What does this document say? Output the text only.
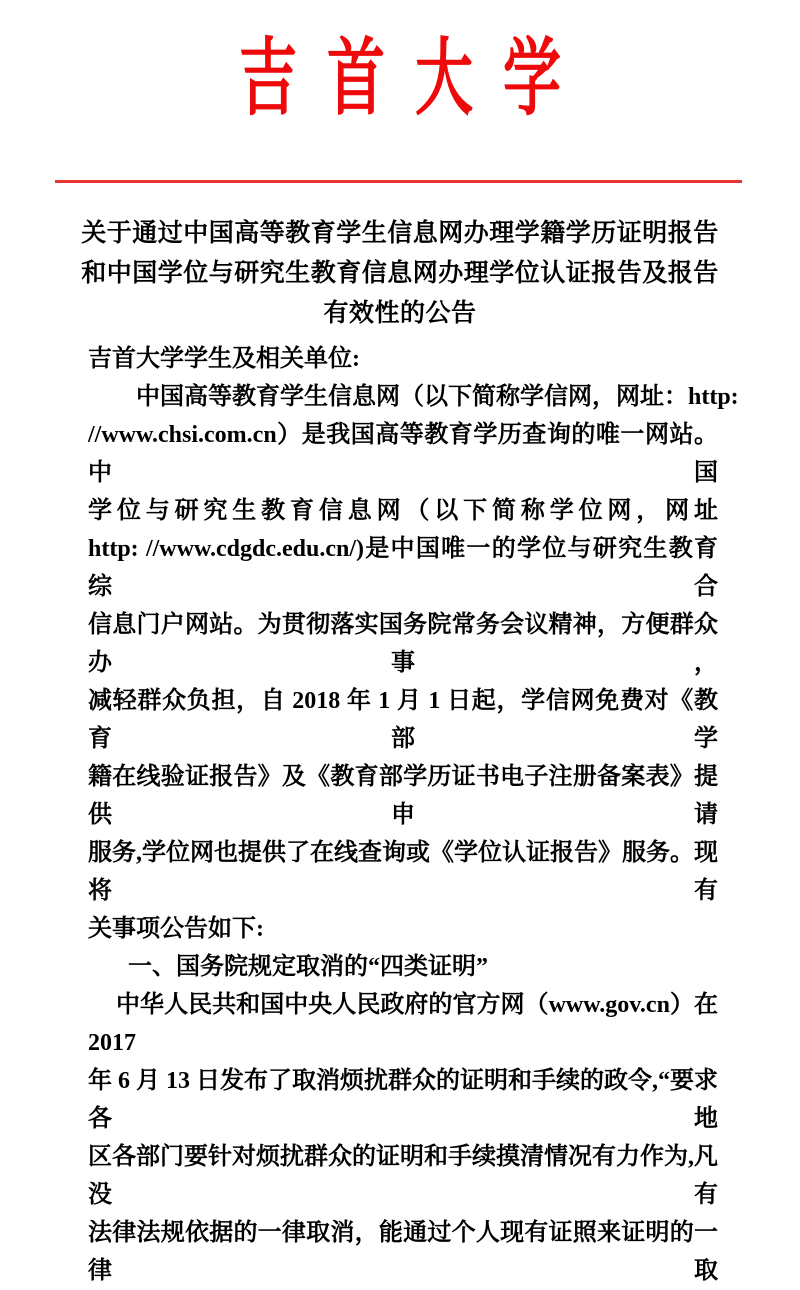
吉首大学
关于通过中国高等教育学生信息网办理学籍学历证明报告
和中国学位与研究生教育信息网办理学位认证报告及报告
有效性的公告
吉首大学学生及相关单位:
中国高等教育学生信息网（以下简称学信网，网址：http:
//www.chsi.com.cn）是我国高等教育学历查询的唯一网站。中国
学位与研究生教育信息网（以下简称学位网，网址
http: //www.cdgdc.edu.cn/)是中国唯一的学位与研究生教育综合
信息门户网站。为贯彻落实国务院常务会议精神，方便群众办事，
减轻群众负担，自 2018 年 1 月 1 日起，学信网免费对《教育部学
籍在线验证报告》及《教育部学历证书电子注册备案表》提供申请
服务,学位网也提供了在线查询或《学位认证报告》服务。现将有
关事项公告如下:
一、国务院规定取消的“四类证明”
中华人民共和国中央人民政府的官方网（www.gov.cn）在 2017
年 6 月 13 日发布了取消烦扰群众的证明和手续的政令,“要求各地
区各部门要针对烦扰群众的证明和手续摸清情况有力作为,凡没有
法律法规依据的一律取消，能通过个人现有证照来证明的一律取
